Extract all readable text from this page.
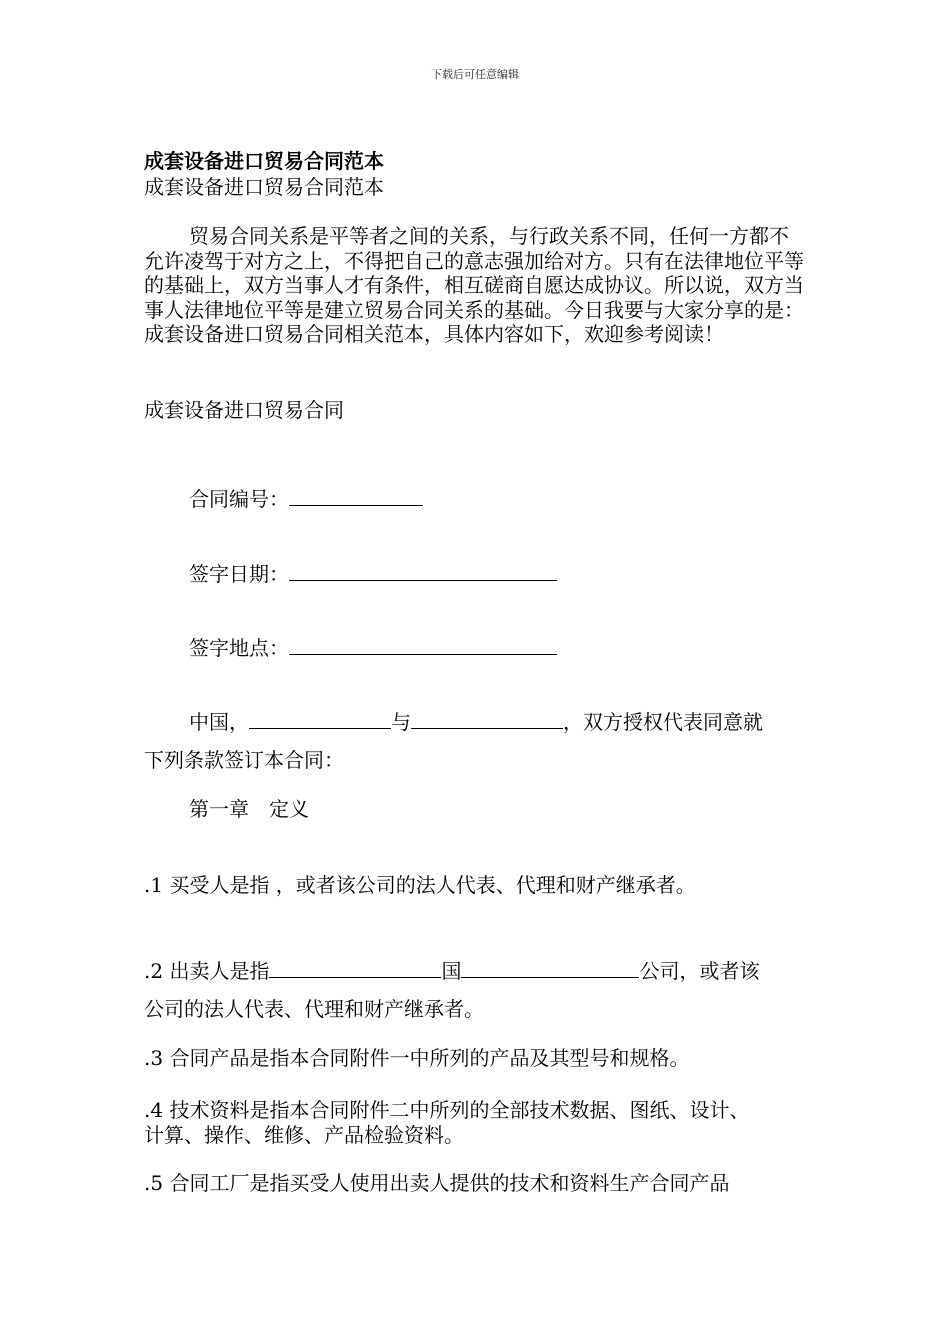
下载后可任意编辑
成套设备进口贸易合同范本
成套设备进口贸易合同范本
贸易合同关系是平等者之间的关系，与行政关系不同，任何一方都不允许凌驾于对方之上，不得把自己的意志强加给对方。只有在法律地位平等的基础上，双方当事人才有条件，相互磋商自愿达成协议。所以说，双方当事人法律地位平等是建立贸易合同关系的基础。今日我要与大家分享的是：成套设备进口贸易合同相关范本，具体内容如下，欢迎参考阅读！
成套设备进口贸易合同
合同编号：
签字日期：
签字地点：
中国，	与	，双方授权代表同意就
下列条款签订本合同：
第一章　定义
.1 买受人是指 ，或者该公司的法人代表、代理和财产继承者。
.2 出卖人是指	国	公司，或者该
公司的法人代表、代理和财产继承者。
.3 合同产品是指本合同附件一中所列的产品及其型号和规格。
.4 技术资料是指本合同附件二中所列的全部技术数据、图纸、设计、
计算、操作、维修、产品检验资料。
.5 合同工厂是指买受人使用出卖人提供的技术和资料生产合同产品
